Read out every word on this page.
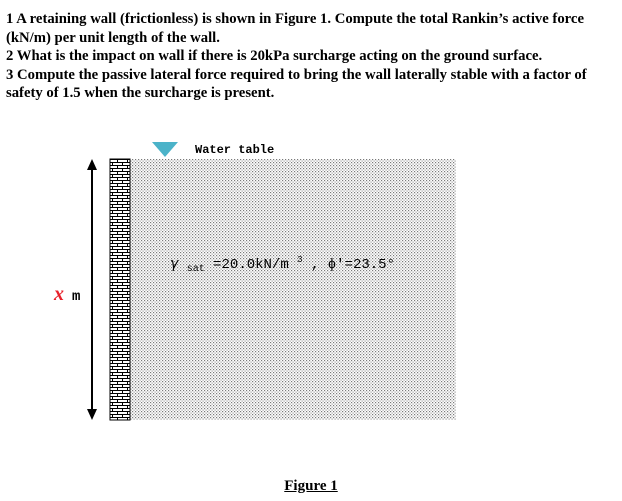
1 A retaining wall (frictionless) is shown in Figure 1. Compute the total Rankin’s active force (kN/m) per unit length of the wall.
2 What is the impact on wall if there is 20kPa surcharge acting on the ground surface.
3 Compute the passive lateral force required to bring the wall laterally stable with a factor of safety of 1.5 when the surcharge is present.
Water table
x m
γ $_{sat}$ =20.0kN/m $^3$ , ϕ′=23.5°
Figure 1
